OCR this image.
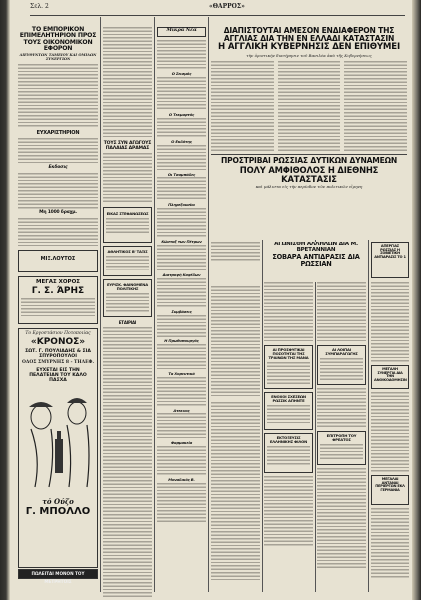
Σελ. 2	«ΘΑΡΡΟΣ»
ΤΟ ΕΜΠΟΡΙΚΟΝ ΕΠΙΜΕΛΗΤΗΡΙΟΝ ΠΡΟΣ ΤΟΥΣ ΟΙΚΟΝΟΜΙΚΟΝ ΕΦΟΡΟΝ
ΔΙΕΥΘΥΝΤΩΝ ΤΑΜΕΙΟΥ ΚΑΙ ΟΜΙΛΩΝ ΣΥΝΕΡΓΙΩΝ
ΕΥΧΑΡΙΣΤΗΡΙΟΝ
Εκδοσις
Μη 1000 δραχμ.
ΜΙΞ.ΛΟΥΤΟΣ
ΜΕΓΑΣ ΧΟΡΟΣ
Γ. Σ. ΆΡΗΣ
Το Εργοστάσιον Ποτοποιίας
«ΚΡΟΝΟΣ»
ΣΩΤ. Γ. ΠΟΥΛΙΑΔΗΣ & ΣΙΑ ΣΠΥΡΟΠΟΥΛΟΙ
ΟΔΟΣ ΣΜΥΡΝΗΣ 8 - ΤΗΛΕΦ.
ΕΥΧΕΤΑΙ ΕΙΣ ΤΗΝ ΠΕΛΑΤΕΙΑΝ ΤΟΥ ΚΑΛΟ ΠΑΣΧΑ
τό Ούζο
Γ. ΜΠΟΛΛΟ
ΠΩΛΕΙΤΑΙ ΜΟΝΟΝ ΤΟΥ ΜΕΤΡΗΤΟΙΣ
ΤΟΥΣ ΣΥΝ ΑΓΩΓΟΥΣ ΠΑΛΑΙΑΣ ΔΡΑΜΑΣ
ΕΙΚΑΣ ΣΤΕΦΑΝΩΣΕΩΣ
ΑΘΛΗΤΙΚΟΣ Β' ΤΑΞΙΣ
ΕΥΡΙΣΚ. ΦΑΙΝΟΜΕΝΑ ΠΟΛΙΤΙΚΗΣ
ΕΤΑΙΡΙΑΙ
Μικρά Νέα
Ο Σεισμός
Ο Τεκμαρτός
Ο Εκδότης
Οι Τσαμπάδες
Πληρεξουσίοι
Κώσταξ των Πέτρων
Διατροφή Καφέδων
Συμβάσεις
Η Πρωθυπουργός
Τα Χορευτικά
Ατεκνος
Φαρμακεία
Μοναδικός Β.
ΔΙΑΠΙΣΤΟΥΤΑΙ ΑΜΕΣΟΝ ΕΝΔΙΑΦΕΡΟΝ ΤΗΣ ΑΓΓΛΙΑΣ ΔΙΑ ΤΗΝ ΕΝ ΕΛΛΑΔΙ ΚΑΤΑΣΤΑΣΙΝ
Η ΑΓΓΛΙΚΗ ΚΥΒΕΡΝΗΣΙΣ ΔΕΝ ΕΠΙΘΥΜΕΙ
τὴν ὀριστικήν διατήρησιν τοῦ Βασιλέα ἀπὸ τῆς Κυβερνήσεως
ΠΡΟΣΤΡΙΒΑΙ ΡΩΣΣΙΑΣ ΔΥΤΙΚΩΝ ΔΥΝΑΜΕΩΝ
ΠΟΛΥ ΑΜΦΙΘΟΛΟΣ Η ΔΙΕΘΝΗΣ ΚΑΤΑΣΤΑΣΙΣ
καὶ μάλιστα εἰς τὴν περίοδον τῶν πολιτικῶν εἴρηνη
ΑΓΩΝΙΣΘΗ ΑΛΛΗΛΩΝ ΔΙΑ Μ. ΒΡΕΤΑΝΝΙΑΝ
ΣΟΒΑΡΑ ΑΝΤΙΔΡΑΣΙΣ ΔΙΑ ΡΩΣΣΙΑΝ
ΑΙ ΠΡΟΣΦΥΓΙΚΑΙ ΠΟΣΟΤΗΤΑΙ ΤΗΣ ΤΡΑΙΝΩΝ ΤΗΣ ΜΑΝΑ
ΕΝΟΧΟΙ ΣΧΕΣΕΩΝ ΡΩΣΣΙΚ ΑΠΗΝΤΕ
ΕΚΤΟΞΕΥΣΙΣ ΕΛΛΗΝΙΚΗΣ ΦΙΛΟΝ
ΑΙ ΛΟΙΠΑΙ ΣΥΜΠΑΡΑΓΩΓΗΣ
ΕΠΙΤΡΟΠΗ ΤΟΥ ΦΡΕΑΤΟΣ
ΑΠΕΡΓΙΑΣ ΡΩΣΣΙΑΣ Η ΣΟΒΙΕΤΙΚΗ ΑΝΤΙΔΡΑΣΙΣ ΤΟ 1
ΜΕΓΑΛΗ ΣΥΝΕΡΓΙΑ ΔΙΑ ΤΗΝ ΑΝΟΙΚΟΔΟΜΗΣΙΝ
ΜΕΓΑΛΑΙ ΑΝΤΑΝΑΙ ΠΕΡΙΕΡΓΩΝ ΕΚΛ ΓΕΡΜΑΝΙΑ
